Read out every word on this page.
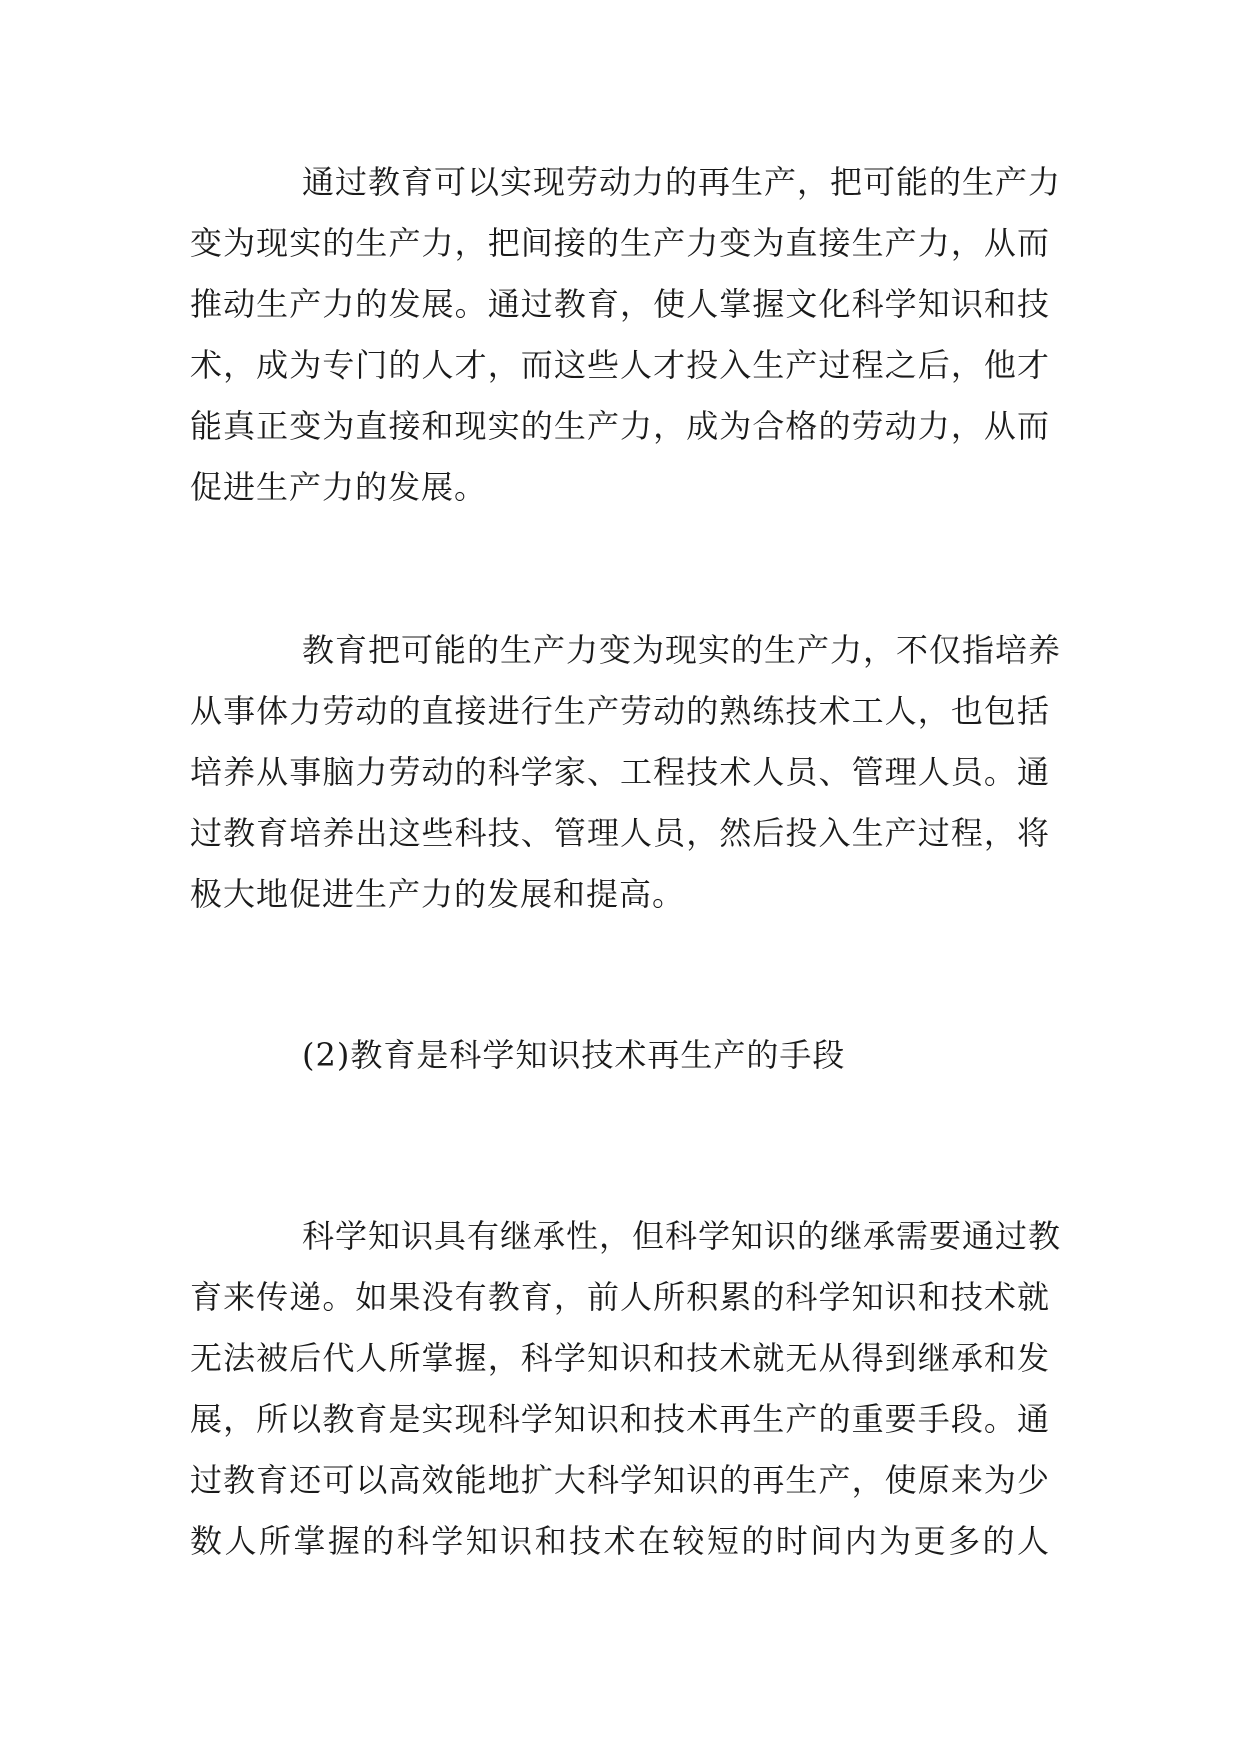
通过教育可以实现劳动力的再生产，把可能的生产力
变为现实的生产力，把间接的生产力变为直接生产力，从而
推动生产力的发展。通过教育，使人掌握文化科学知识和技
术，成为专门的人才，而这些人才投入生产过程之后，他才
能真正变为直接和现实的生产力，成为合格的劳动力，从而
促进生产力的发展。
教育把可能的生产力变为现实的生产力，不仅指培养
从事体力劳动的直接进行生产劳动的熟练技术工人，也包括
培养从事脑力劳动的科学家、工程技术人员、管理人员。通
过教育培养出这些科技、管理人员，然后投入生产过程，将
极大地促进生产力的发展和提高。
(2)教育是科学知识技术再生产的手段
科学知识具有继承性，但科学知识的继承需要通过教
育来传递。如果没有教育，前人所积累的科学知识和技术就
无法被后代人所掌握，科学知识和技术就无从得到继承和发
展，所以教育是实现科学知识和技术再生产的重要手段。通
过教育还可以高效能地扩大科学知识的再生产，使原来为少
数人所掌握的科学知识和技术在较短的时间内为更多的人
